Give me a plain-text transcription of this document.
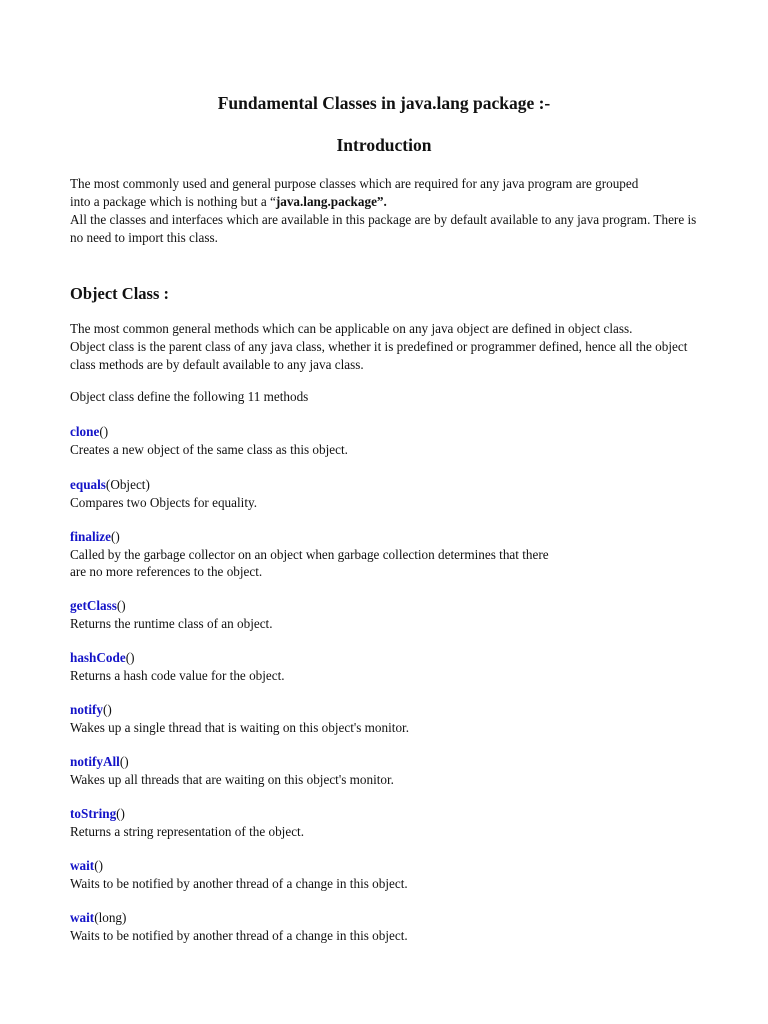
Fundamental Classes in java.lang package :-
Introduction
The most commonly used and general purpose classes which are required for any java program are grouped
into a package which is nothing but a “java.lang.package”.
All the classes and interfaces which are available in this package are by default available to any java program. There is no need to import this class.
Object Class :
The most common general methods which can be applicable on any java object are defined in object class.
Object class is the parent class of any java class, whether it is predefined or programmer defined, hence all the object class methods are by default available to any java class.
Object class define the following 11 methods
clone()
Creates a new object of the same class as this object.
equals(Object)
Compares two Objects for equality.
finalize()
Called by the garbage collector on an object when garbage collection determines that there
are no more references to the object.
getClass()
Returns the runtime class of an object.
hashCode()
Returns a hash code value for the object.
notify()
Wakes up a single thread that is waiting on this object's monitor.
notifyAll()
Wakes up all threads that are waiting on this object's monitor.
toString()
Returns a string representation of the object.
wait()
Waits to be notified by another thread of a change in this object.
wait(long)
Waits to be notified by another thread of a change in this object.
